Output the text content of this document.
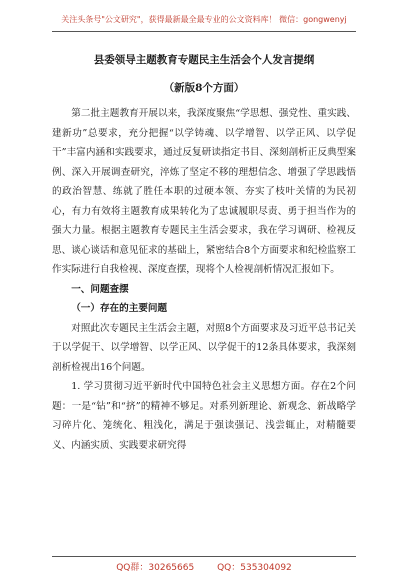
关注头条号"公文研究"，获得最新最全最专业的公文资料库！ 微信：gongwenyj

县委领导主题教育专题民主生活会个人发言提纲

（新版8个方面）

第二批主题教育开展以来，我深度聚焦“学思想、强党性、重实践、建新功”总要求，充分把握“以学铸魂、以学增智、以学正风、以学促干”丰富内涵和实践要求，通过反复研读指定书目、深刻剖析正反典型案例、深入开展调查研究，淬炼了坚定不移的理想信念、增强了学思践悟的政治智慧、练就了胜任本职的过硬本领、夯实了枝叶关情的为民初心，有力有效将主题教育成果转化为了忠诚履职尽责、勇于担当作为的强大力量。根据主题教育专题民主生活会要求，我在学习调研、检视反思、谈心谈话和意见征求的基础上，紧密结合8个方面要求和纪检监察工作实际进行自我检视、深度查摆，现将个人检视剖析情况汇报如下。

一、问题查摆

（一）存在的主要问题

对照此次专题民主生活会主题，对照8个方面要求及习近平总书记关于以学促干、以学增智、以学正风、以学促干的12条具体要求，我深刻剖析检视出16个问题。

1. 学习贯彻习近平新时代中国特色社会主义思想方面。存在2个问题：一是“钻”和“挤”的精神不够足。对系列新理论、新观念、新战略学习碎片化、笼统化、粗浅化，满足于强读强记、浅尝辄止，对精髓要义、内涵实质、实践要求研究得

QQ群：30265665	QQ：535304092
